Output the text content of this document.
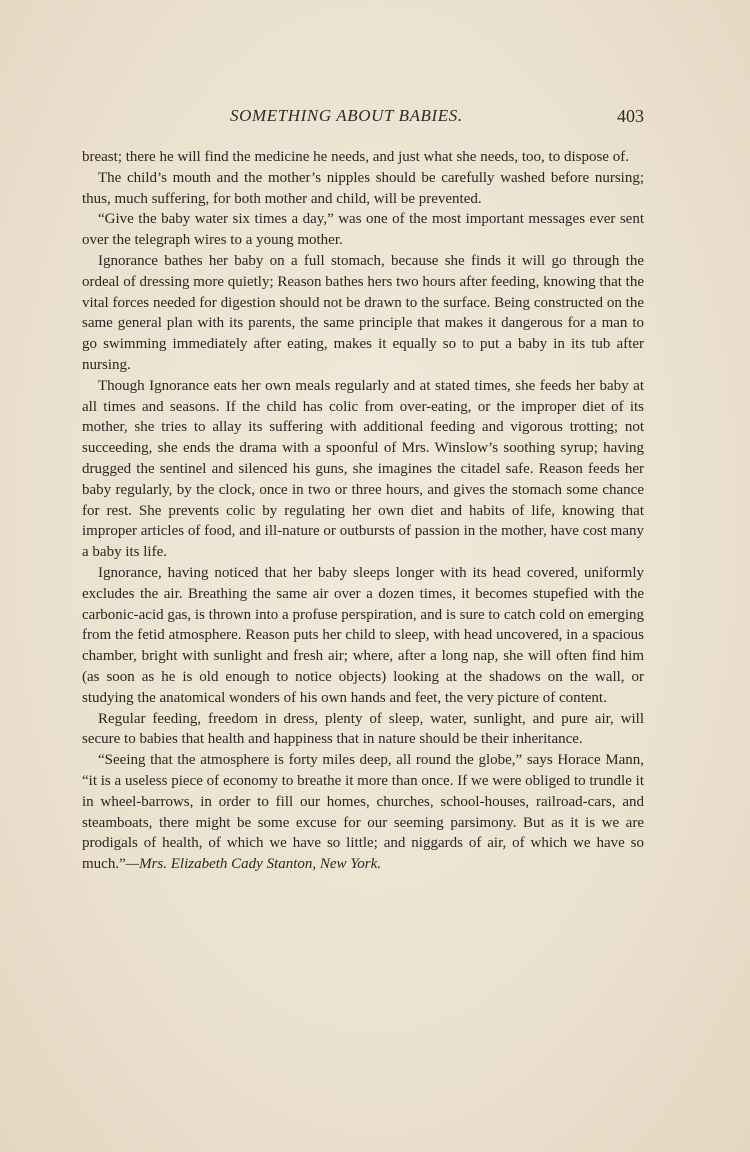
SOMETHING ABOUT BABIES.	403

breast; there he will find the medicine he needs, and just what she needs, too, to dispose of.

The child’s mouth and the mother’s nipples should be carefully washed before nursing; thus, much suffering, for both mother and child, will be prevented.

“Give the baby water six times a day,” was one of the most important messages ever sent over the telegraph wires to a young mother.

Ignorance bathes her baby on a full stomach, because she finds it will go through the ordeal of dressing more quietly; Reason bathes hers two hours after feeding, knowing that the vital forces needed for digestion should not be drawn to the surface. Being constructed on the same general plan with its parents, the same principle that makes it dangerous for a man to go swimming immediately after eating, makes it equally so to put a baby in its tub after nursing.

Though Ignorance eats her own meals regularly and at stated times, she feeds her baby at all times and seasons. If the child has colic from over-eating, or the improper diet of its mother, she tries to allay its suffering with additional feeding and vigorous trotting; not succeeding, she ends the drama with a spoonful of Mrs. Winslow’s soothing syrup; having drugged the sentinel and silenced his guns, she imagines the citadel safe. Reason feeds her baby regularly, by the clock, once in two or three hours, and gives the stomach some chance for rest. She prevents colic by regulating her own diet and habits of life, knowing that improper articles of food, and ill-nature or outbursts of passion in the mother, have cost many a baby its life.

Ignorance, having noticed that her baby sleeps longer with its head covered, uniformly excludes the air. Breathing the same air over a dozen times, it becomes stupefied with the carbonic-acid gas, is thrown into a profuse perspiration, and is sure to catch cold on emerging from the fetid atmosphere. Reason puts her child to sleep, with head uncovered, in a spacious chamber, bright with sunlight and fresh air; where, after a long nap, she will often find him (as soon as he is old enough to notice objects) looking at the shadows on the wall, or studying the anatomical wonders of his own hands and feet, the very picture of content.

Regular feeding, freedom in dress, plenty of sleep, water, sunlight, and pure air, will secure to babies that health and happiness that in nature should be their inheritance.

“Seeing that the atmosphere is forty miles deep, all round the globe,” says Horace Mann, “it is a useless piece of economy to breathe it more than once. If we were obliged to trundle it in wheel-barrows, in order to fill our homes, churches, school-houses, railroad-cars, and steamboats, there might be some excuse for our seeming parsimony. But as it is we are prodigals of health, of which we have so little; and niggards of air, of which we have so much.”—Mrs. Elizabeth Cady Stanton, New York.
